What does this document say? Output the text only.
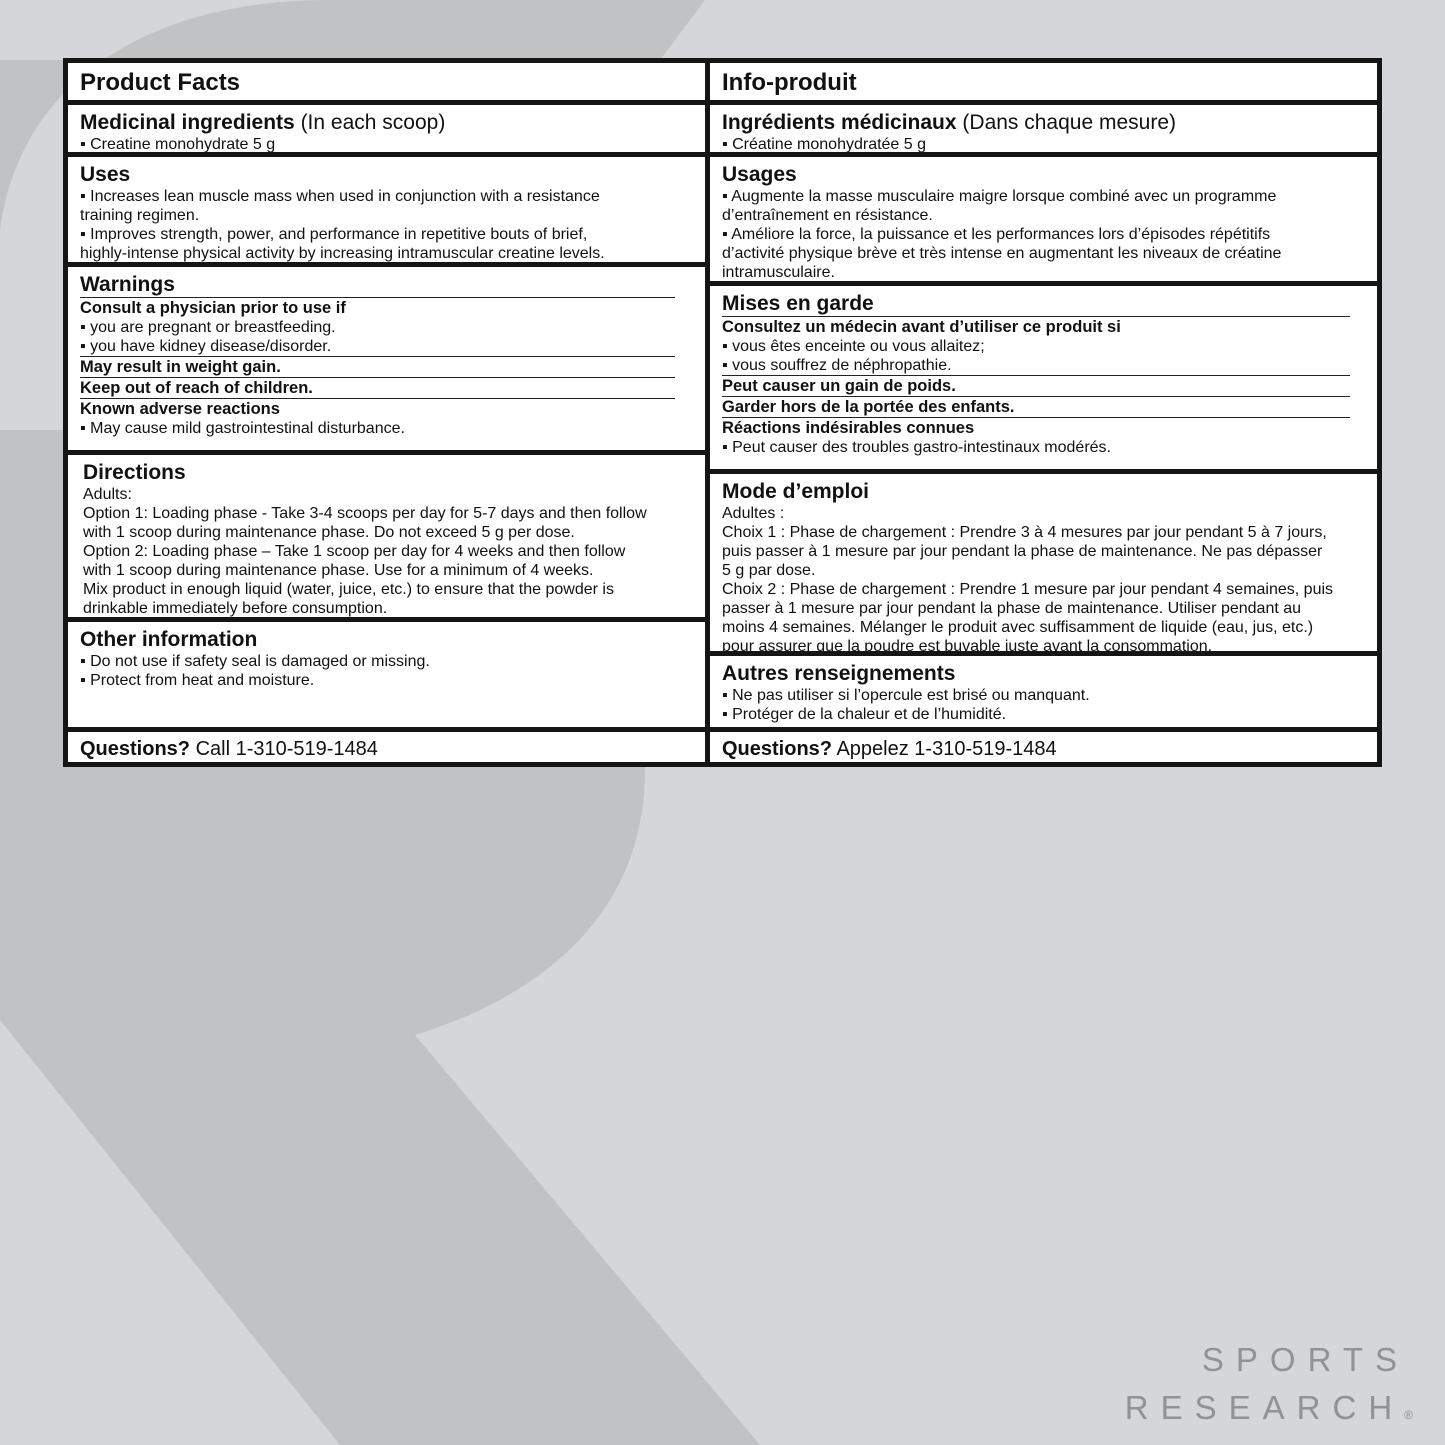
Product Facts
Medicinal ingredients (In each scoop)
▪ Creatine monohydrate 5 g
Uses
▪ Increases lean muscle mass when used in conjunction with a resistance
training regimen.
▪ Improves strength, power, and performance in repetitive bouts of brief,
highly-intense physical activity by increasing intramuscular creatine levels.
Warnings
Consult a physician prior to use if
▪ you are pregnant or breastfeeding.
▪ you have kidney disease/disorder.
May result in weight gain.
Keep out of reach of children.
Known adverse reactions
▪ May cause mild gastrointestinal disturbance.
Directions
Adults:
Option 1: Loading phase - Take 3-4 scoops per day for 5-7 days and then follow
with 1 scoop during maintenance phase. Do not exceed 5 g per dose.
Option 2: Loading phase – Take 1 scoop per day for 4 weeks and then follow
with 1 scoop during maintenance phase. Use for a minimum of 4 weeks.
Mix product in enough liquid (water, juice, etc.) to ensure that the powder is
drinkable immediately before consumption.
Other information
▪ Do not use if safety seal is damaged or missing.
▪ Protect from heat and moisture.
Questions? Call 1-310-519-1484
Info-produit
Ingrédients médicinaux (Dans chaque mesure)
▪ Créatine monohydratée 5 g
Usages
▪ Augmente la masse musculaire maigre lorsque combiné avec un programme
d’entraînement en résistance.
▪ Améliore la force, la puissance et les performances lors d’épisodes répétitifs
d’activité physique brève et très intense en augmentant les niveaux de créatine
intramusculaire.
Mises en garde
Consultez un médecin avant d’utiliser ce produit si
▪ vous êtes enceinte ou vous allaitez;
▪ vous souffrez de néphropathie.
Peut causer un gain de poids.
Garder hors de la portée des enfants.
Réactions indésirables connues
▪ Peut causer des troubles gastro-intestinaux modérés.
Mode d’emploi
Adultes :
Choix 1 : Phase de chargement : Prendre 3 à 4 mesures par jour pendant 5 à 7 jours,
puis passer à 1 mesure par jour pendant la phase de maintenance. Ne pas dépasser
5 g par dose.
Choix 2 : Phase de chargement : Prendre 1 mesure par jour pendant 4 semaines, puis
passer à 1 mesure par jour pendant la phase de maintenance. Utiliser pendant au
moins 4 semaines. Mélanger le produit avec suffisamment de liquide (eau, jus, etc.)
pour assurer que la poudre est buvable juste avant la consommation.
Autres renseignements
▪ Ne pas utiliser si l’opercule est brisé ou manquant.
▪ Protéger de la chaleur et de l’humidité.
Questions? Appelez 1-310-519-1484
SPORTS
RESEARCH®
